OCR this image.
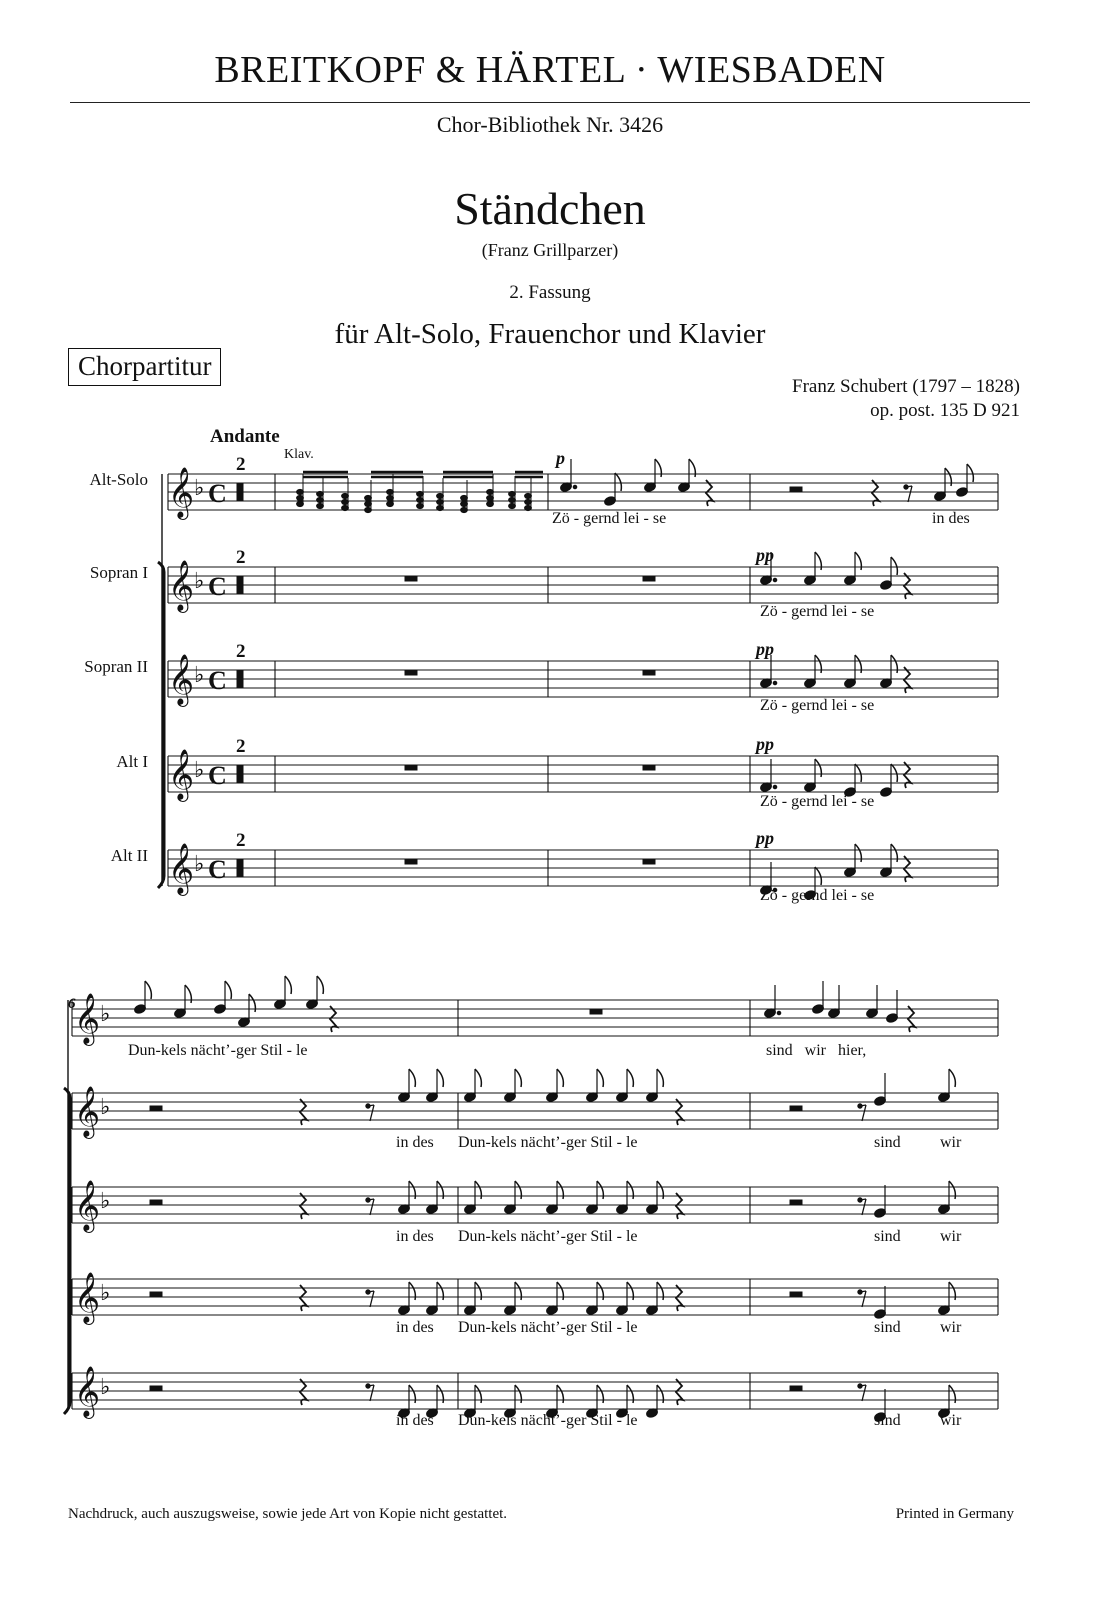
BREITKOPF & HÄRTEL · WIESBADEN
Chor-Bibliothek Nr. 3426
Ständchen
(Franz Grillparzer)
2. Fassung
für Alt-Solo, Frauenchor und Klavier
Chorpartitur
Franz Schubert (1797 – 1828)
op. post. 135 D 921
Andante
𝄞 ♭ C
𝄞 ♭ C
𝄞 ♭ C
𝄞 ♭ C
𝄞 ♭ C
2
2
2
2
2
Klav.	p
pp
pp
pp
pp
𝄞 ♭
𝄞 ♭
𝄞 ♭
𝄞 ♭
𝄞 ♭
Alt-Solo
Sopran I
Sopran II
Alt I
Alt II
Zö - gernd lei - se	in des
Zö - gernd lei - se
Zö - gernd lei - se
Zö - gernd lei - se
Zö - gernd lei - se
6
Dun-kels nächt’-ger Stil - le	sind   wir   hier,
in des Dun-kels nächt’-ger Stil - le	sind wir
in des Dun-kels nächt’-ger Stil - le	sind wir
in des Dun-kels nächt’-ger Stil - le	sind wir
in des Dun-kels nächt’-ger Stil - le	sind wir
Nachdruck, auch auszugsweise, sowie jede Art von Kopie nicht gestattet.	Printed in Germany
